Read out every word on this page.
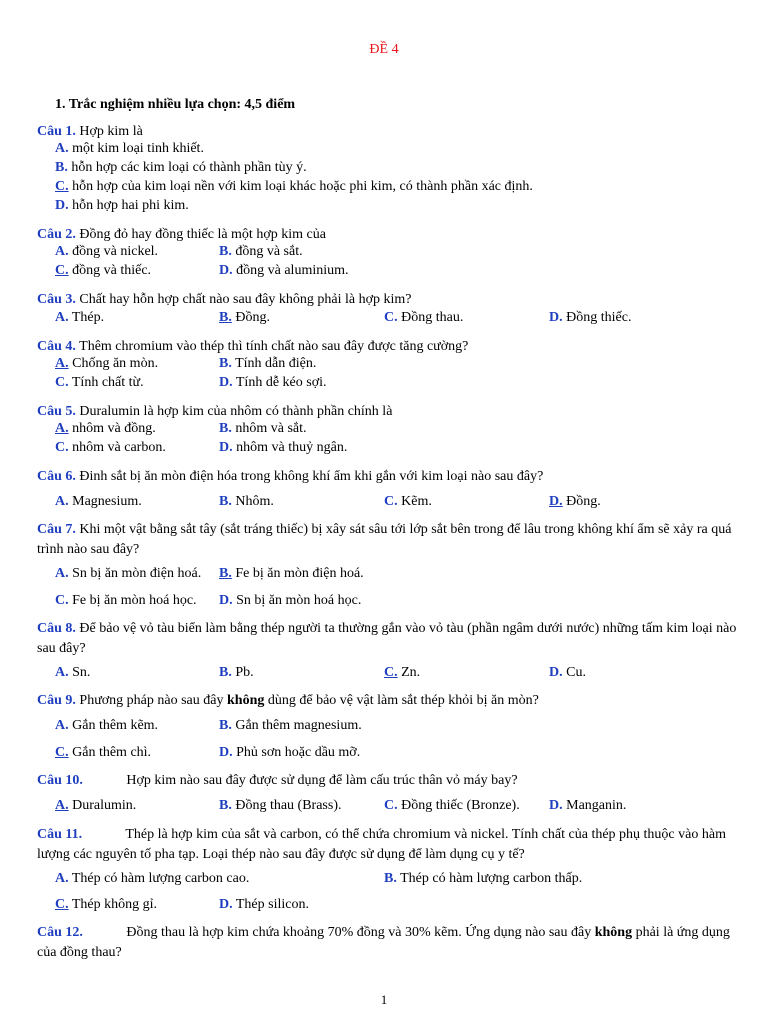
ĐỀ 4
1. Trắc nghiệm nhiều lựa chọn: 4,5 điểm
Câu 1. Hợp kim là
A. một kim loại tinh khiết.
B. hỗn hợp các kim loại có thành phần tùy ý.
C. hỗn hợp của kim loại nền với kim loại khác hoặc phi kim, có thành phần xác định.
D. hỗn hợp hai phi kim.
Câu 2. Đồng đỏ hay đồng thiếc là một hợp kim của
A. đồng và nickel.	B. đồng và sắt.
C. đồng và thiếc.	D. đồng và aluminium.
Câu 3. Chất hay hỗn hợp chất nào sau đây không phải là hợp kim?
A. Thép.	B. Đồng.	C. Đồng thau.	D. Đồng thiếc.
Câu 4. Thêm chromium vào thép thì tính chất nào sau đây được tăng cường?
A. Chống ăn mòn.	B. Tính dẫn điện.
C. Tính chất từ.	D. Tính dễ kéo sợi.
Câu 5. Duralumin là hợp kim của nhôm có thành phần chính là
A. nhôm và đồng.	B. nhôm và sắt.
C. nhôm và carbon.	D. nhôm và thuỷ ngân.
Câu 6. Đinh sắt bị ăn mòn điện hóa trong không khí ẩm khi gắn với kim loại nào sau đây?
A. Magnesium.	B. Nhôm.	C. Kẽm.	D. Đồng.
Câu 7. Khi một vật bằng sắt tây (sắt tráng thiếc) bị xây sát sâu tới lớp sắt bên trong để lâu trong không khí ẩm sẽ xảy ra quá trình nào sau đây?
A. Sn bị ăn mòn điện hoá. B. Fe bị ăn mòn điện hoá.
C. Fe bị ăn mòn hoá học. D. Sn bị ăn mòn hoá học.
Câu 8. Để bảo vệ vỏ tàu biển làm bằng thép người ta thường gắn vào vỏ tàu (phần ngâm dưới nước) những tấm kim loại nào sau đây?
A. Sn.	B. Pb.	C. Zn.	D. Cu.
Câu 9. Phương pháp nào sau đây không dùng để bảo vệ vật làm sắt thép khỏi bị ăn mòn?
A. Gắn thêm kẽm.	B. Gắn thêm magnesium.
C. Gắn thêm chì.	D. Phủ sơn hoặc dầu mỡ.
Câu 10.	Hợp kim nào sau đây được sử dụng để làm cấu trúc thân vỏ máy bay?
A. Duralumin.	B. Đồng thau (Brass).	C. Đồng thiếc (Bronze). D. Manganin.
Câu 11.	Thép là hợp kim của sắt và carbon, có thể chứa chromium và nickel. Tính chất của thép phụ thuộc vào hàm lượng các nguyên tố pha tạp. Loại thép nào sau đây được sử dụng để làm dụng cụ y tế?
A. Thép có hàm lượng carbon cao.	B. Thép có hàm lượng carbon thấp.
C. Thép không gỉ.	D. Thép silicon.
Câu 12.	Đồng thau là hợp kim chứa khoảng 70% đồng và 30% kẽm. Ứng dụng nào sau đây không phải là ứng dụng của đồng thau?
1
